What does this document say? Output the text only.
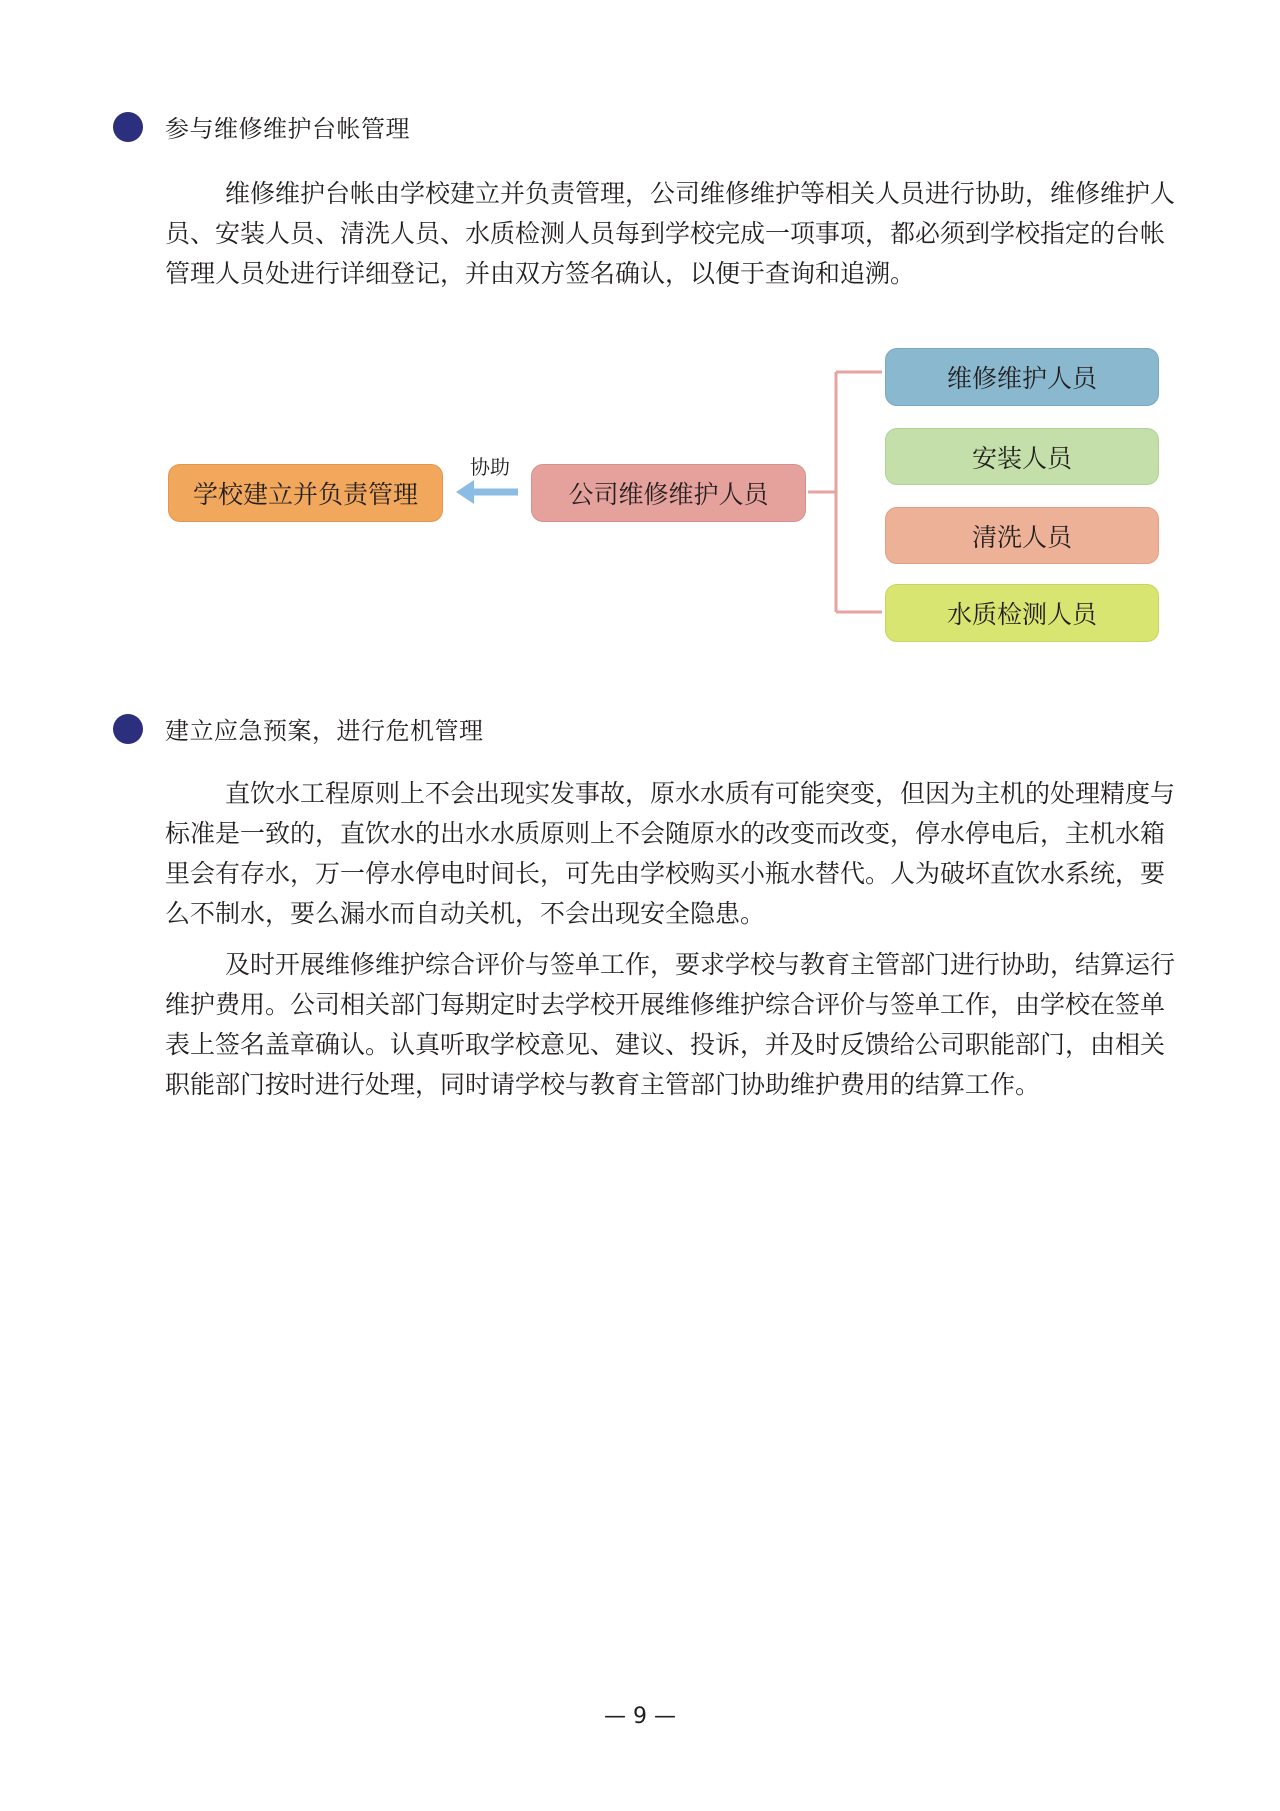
参与维修维护台帐管理

维修维护台帐由学校建立并负责管理，公司维修维护等相关人员进行协助，维修维护人员、安装人员、清洗人员、水质检测人员每到学校完成一项事项，都必须到学校指定的台帐管理人员处进行详细登记，并由双方签名确认，以便于查询和追溯。

学校建立并负责管理
协助
公司维修维护人员
维修维护人员
安装人员
清洗人员
水质检测人员
建立应急预案，进行危机管理

直饮水工程原则上不会出现实发事故，原水水质有可能突变，但因为主机的处理精度与标准是一致的，直饮水的出水水质原则上不会随原水的改变而改变，停水停电后，主机水箱里会有存水，万一停水停电时间长，可先由学校购买小瓶水替代。人为破坏直饮水系统，要么不制水，要么漏水而自动关机，不会出现安全隐患。

及时开展维修维护综合评价与签单工作，要求学校与教育主管部门进行协助，结算运行维护费用。公司相关部门每期定时去学校开展维修维护综合评价与签单工作，由学校在签单表上签名盖章确认。认真听取学校意见、建议、投诉，并及时反馈给公司职能部门，由相关职能部门按时进行处理，同时请学校与教育主管部门协助维护费用的结算工作。

— 9 —
